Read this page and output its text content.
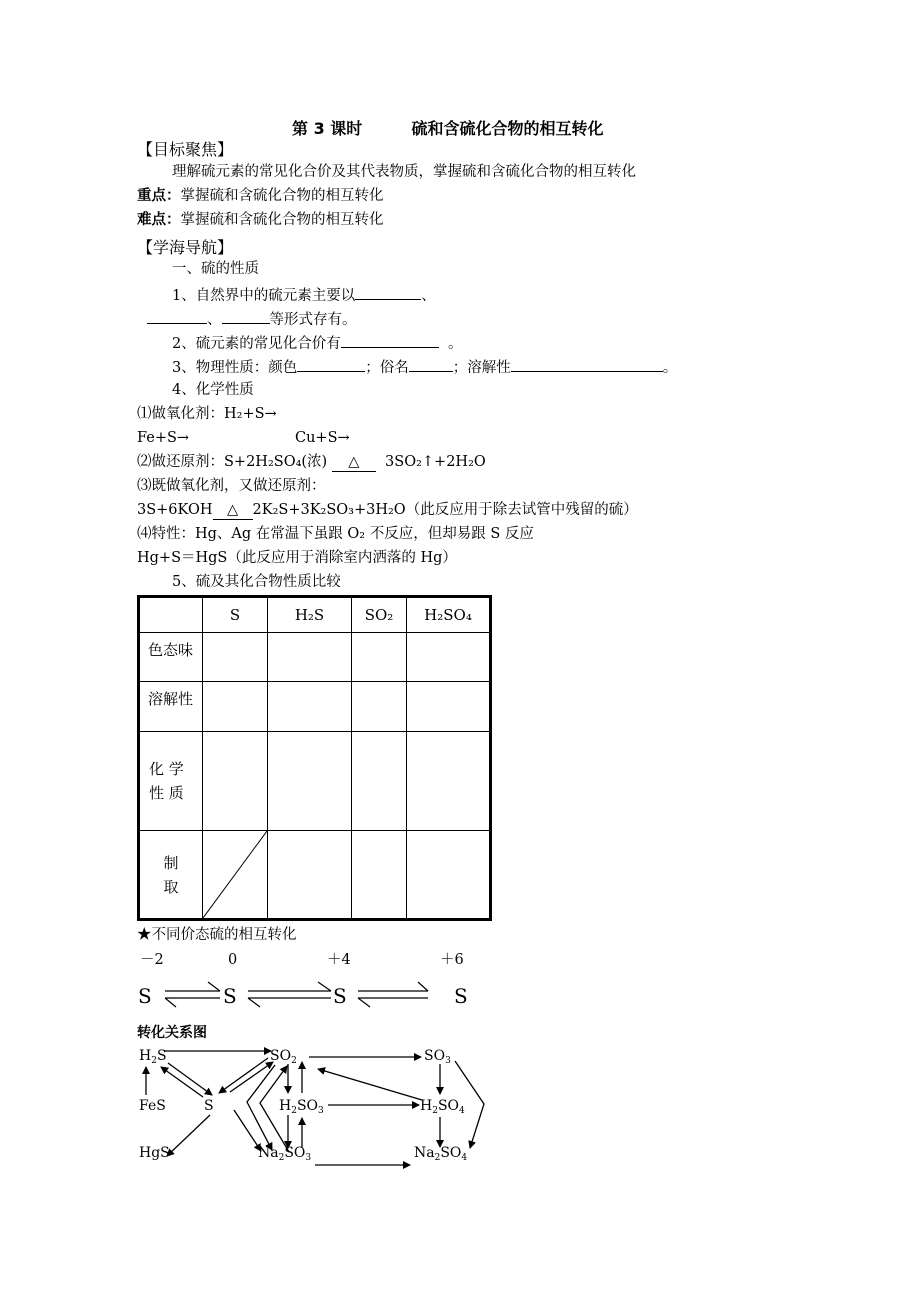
第 3 课时	硫和含硫化合物的相互转化
【目标聚焦】
理解硫元素的常见化合价及其代表物质，掌握硫和含硫化合物的相互转化
重点：掌握硫和含硫化合物的相互转化
难点：掌握硫和含硫化合物的相互转化
【学海导航】
一、硫的性质
1、自然界中的硫元素主要以	、
、	等形式存有。
2、硫元素的常见化合价有	。
3、物理性质：颜色	；俗名	；溶解性	。
4、化学性质
⑴做氧化剂：H₂+S→
Fe+S→	Cu+S→
⑵做还原剂：S+2H₂SO₄(浓) △ 3SO₂↑+2H₂O
⑶既做氧化剂，又做还原剂：
3S+6KOH △ 2K₂S+3K₂SO₃+3H₂O（此反应用于除去试管中残留的硫）
⑷特性：Hg、Ag 在常温下虽跟 O₂ 不反应，但却易跟 S 反应
Hg+S＝HgS（此反应用于消除室内洒落的 Hg）
5、硫及其化合物性质比较
	S	H₂S	SO₂	H₂SO₄
色态味				
溶解性				
化 学
性 质				
制
取	

★不同价态硫的相互转化
－2	0	＋4	＋6
S	S	S	S
转化关系图
$H_2S$	$SO_2$	$SO_3$
FeS	S	$H_2SO_3$	$H_2SO_4$
HgS	$Na_2SO_3$	$Na_2SO_4$
